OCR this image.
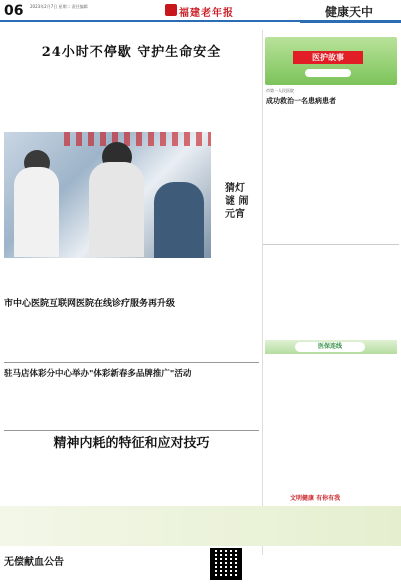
06 2023年2月7日 星期二 责任编辑
福建老年报	健康天中
24小时不停歇 守护生命安全
猜灯谜 闹元宵
医护故事
市第一人民医院
成功救治一名患病患者
市中心医院互联网医院在线诊疗服务再升级
驻马店体彩分中心举办"体彩新春多品牌推广"活动
医保连线
精神内耗的特征和应对技巧
文明健康 有你有我
无偿献血公告
